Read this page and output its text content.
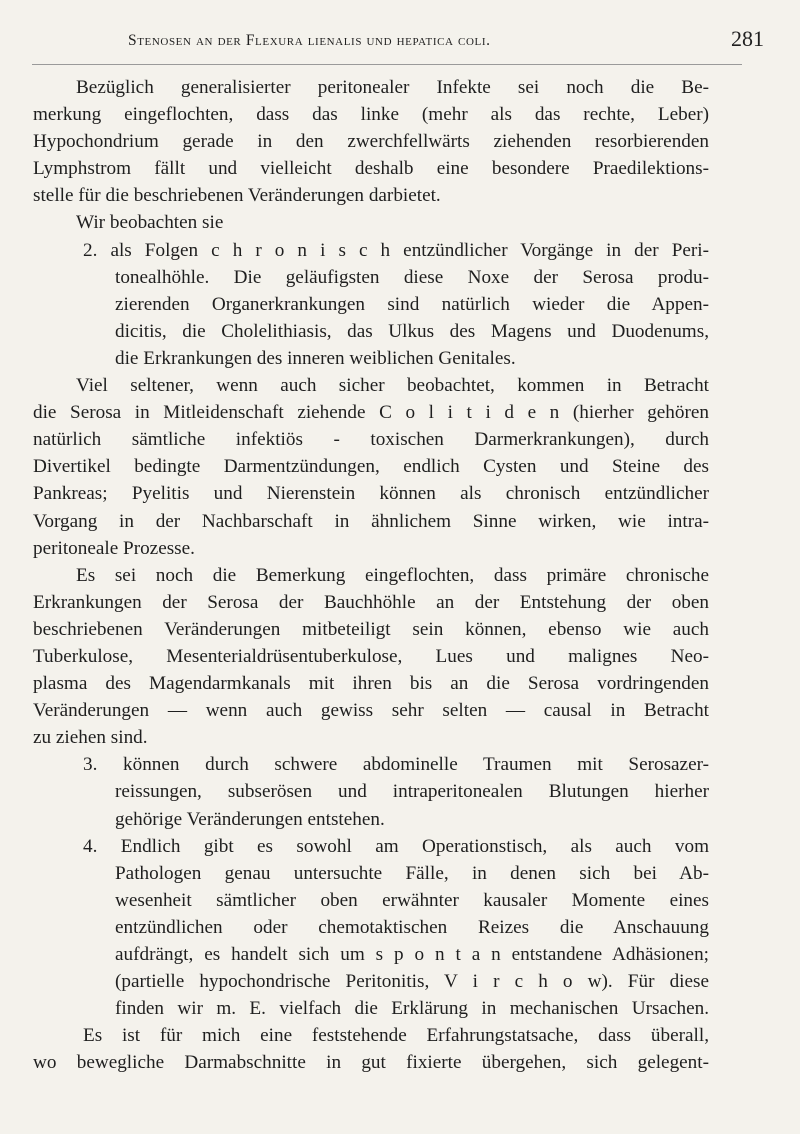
Stenosen an der Flexura lienalis und hepatica coli.	281
Bezüglich generalisierter peritonealer Infekte sei noch die Be-
merkung eingeflochten, dass das linke (mehr als das rechte, Leber)
Hypochondrium gerade in den zwerchfellwärts ziehenden resorbierenden
Lymphstrom fällt und vielleicht deshalb eine besondere Praedilektions-
stelle für die beschriebenen Veränderungen darbietet.
Wir beobachten sie
2. als Folgen c h r o n i s c h entzündlicher Vorgänge in der Peri-
tonealhöhle. Die geläufigsten diese Noxe der Serosa produ-
zierenden Organerkrankungen sind natürlich wieder die Appen-
dicitis, die Cholelithiasis, das Ulkus des Magens und Duodenums,
die Erkrankungen des inneren weiblichen Genitales.
Viel seltener, wenn auch sicher beobachtet, kommen in Betracht
die Serosa in Mitleidenschaft ziehende C o l i t i d e n (hierher gehören
natürlich sämtliche infektiös - toxischen Darmerkrankungen), durch
Divertikel bedingte Darmentzündungen, endlich Cysten und Steine des
Pankreas; Pyelitis und Nierenstein können als chronisch entzündlicher
Vorgang in der Nachbarschaft in ähnlichem Sinne wirken, wie intra-
peritoneale Prozesse.
Es sei noch die Bemerkung eingeflochten, dass primäre chronische
Erkrankungen der Serosa der Bauchhöhle an der Entstehung der oben
beschriebenen Veränderungen mitbeteiligt sein können, ebenso wie auch
Tuberkulose, Mesenterialdrüsentuberkulose, Lues und malignes Neo-
plasma des Magendarmkanals mit ihren bis an die Serosa vordringenden
Veränderungen — wenn auch gewiss sehr selten — causal in Betracht
zu ziehen sind.
3. können durch schwere abdominelle Traumen mit Serosazer-
reissungen, subserösen und intraperitonealen Blutungen hierher
gehörige Veränderungen entstehen.
4. Endlich gibt es sowohl am Operationstisch, als auch vom
Pathologen genau untersuchte Fälle, in denen sich bei Ab-
wesenheit sämtlicher oben erwähnter kausaler Momente eines
entzündlichen oder chemotaktischen Reizes die Anschauung
aufdrängt, es handelt sich um s p o n t a n entstandene Adhäsionen;
(partielle hypochondrische Peritonitis, V i r c h o w). Für diese
finden wir m. E. vielfach die Erklärung in mechanischen Ursachen.
Es ist für mich eine feststehende Erfahrungstatsache, dass überall,
wo bewegliche Darmabschnitte in gut fixierte übergehen, sich gelegent-
